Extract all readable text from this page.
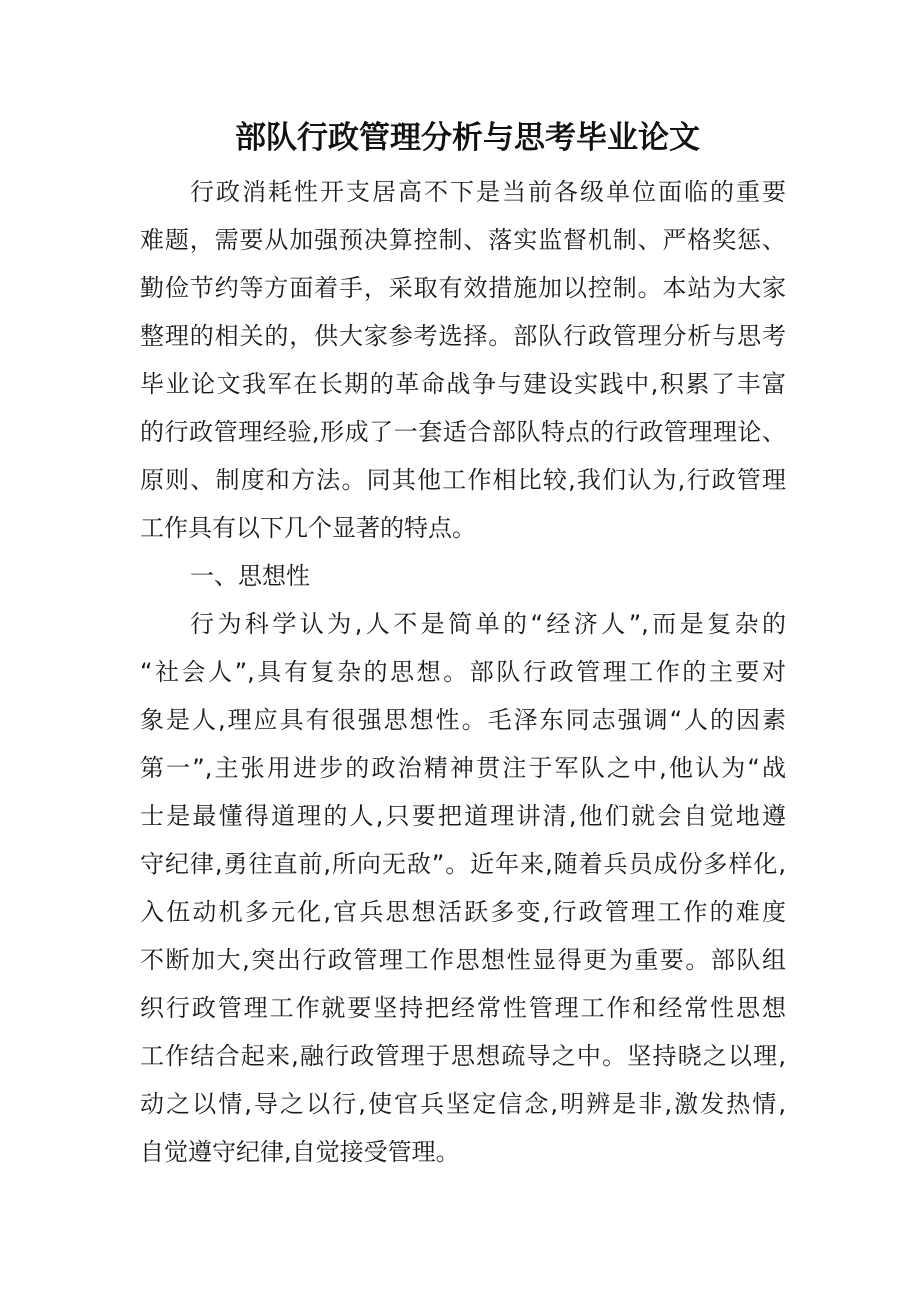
部队行政管理分析与思考毕业论文
行政消耗性开支居高不下是当前各级单位面临的重要
难题，需要从加强预决算控制、落实监督机制、严格奖惩、
勤俭节约等方面着手，采取有效措施加以控制。本站为大家
整理的相关的，供大家参考选择。部队行政管理分析与思考
毕业论文我军在长期的革命战争与建设实践中,积累了丰富
的行政管理经验,形成了一套适合部队特点的行政管理理论、
原则、制度和方法。同其他工作相比较,我们认为,行政管理
工作具有以下几个显著的特点。
一、思想性
行为科学认为,人不是简单的“经济人”,而是复杂的
“社会人”,具有复杂的思想。部队行政管理工作的主要对
象是人,理应具有很强思想性。毛泽东同志强调“人的因素
第一”,主张用进步的政治精神贯注于军队之中,他认为“战
士是最懂得道理的人,只要把道理讲清,他们就会自觉地遵
守纪律,勇往直前,所向无敌”。近年来,随着兵员成份多样化,
入伍动机多元化,官兵思想活跃多变,行政管理工作的难度
不断加大,突出行政管理工作思想性显得更为重要。部队组
织行政管理工作就要坚持把经常性管理工作和经常性思想
工作结合起来,融行政管理于思想疏导之中。坚持晓之以理,
动之以情,导之以行,使官兵坚定信念,明辨是非,激发热情,
自觉遵守纪律,自觉接受管理。
